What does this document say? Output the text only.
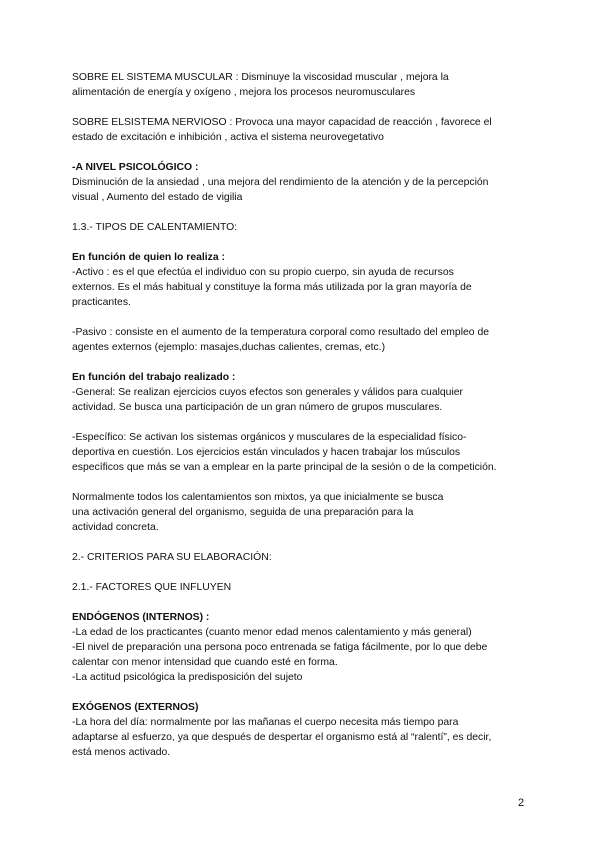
SOBRE EL SISTEMA MUSCULAR : Disminuye la viscosidad muscular , mejora la

alimentación de energía y oxígeno , mejora los procesos neuromusculares

SOBRE ELSISTEMA NERVIOSO : Provoca una mayor capacidad de reacción , favorece el

estado de excitación e inhibición , activa el sistema neurovegetativo

-A NIVEL PSICOLÓGICO :

Disminución de la ansiedad , una mejora del rendimiento de la atención y de la percepción

visual , Aumento del estado de vigilia

1.3.- TIPOS DE CALENTAMIENTO:

En función de quien lo realiza :

-Activo : es el que efectúa el individuo con su propio cuerpo, sin ayuda de recursos

externos. Es el más habitual y constituye la forma más utilizada por la gran mayoría de

practicantes.

-Pasivo : consiste en el aumento de la temperatura corporal como resultado del empleo de

agentes externos (ejemplo: masajes,duchas calientes, cremas, etc.)

En función del trabajo realizado :

-General: Se realizan ejercicios cuyos efectos son generales y válidos para cualquier

actividad. Se busca una participación de un gran número de grupos musculares.

-Específico: Se activan los sistemas orgánicos y musculares de la especialidad físico-

deportiva en cuestión. Los ejercicios están vinculados y hacen trabajar los músculos

específicos que más se van a emplear en la parte principal de la sesión o de la competición.

Normalmente todos los calentamientos son mixtos, ya que inicialmente se busca

una activación general del organismo, seguida de una preparación para la

actividad concreta.

2.- CRITERIOS PARA SU ELABORACIÓN:

2.1.- FACTORES QUE INFLUYEN

ENDÓGENOS (INTERNOS) :

-La edad de los practicantes (cuanto menor edad menos calentamiento y más general)

-El nivel de preparación una persona poco entrenada se fatiga fácilmente, por lo que debe

calentar con menor intensidad que cuando esté en forma.

-La actitud psicológica la predisposición del sujeto

EXÓGENOS (EXTERNOS)

-La hora del día: normalmente por las mañanas el cuerpo necesita más tiempo para

adaptarse al esfuerzo, ya que después de despertar el organismo está al “ralentí”, es decir,

está menos activado.

2
